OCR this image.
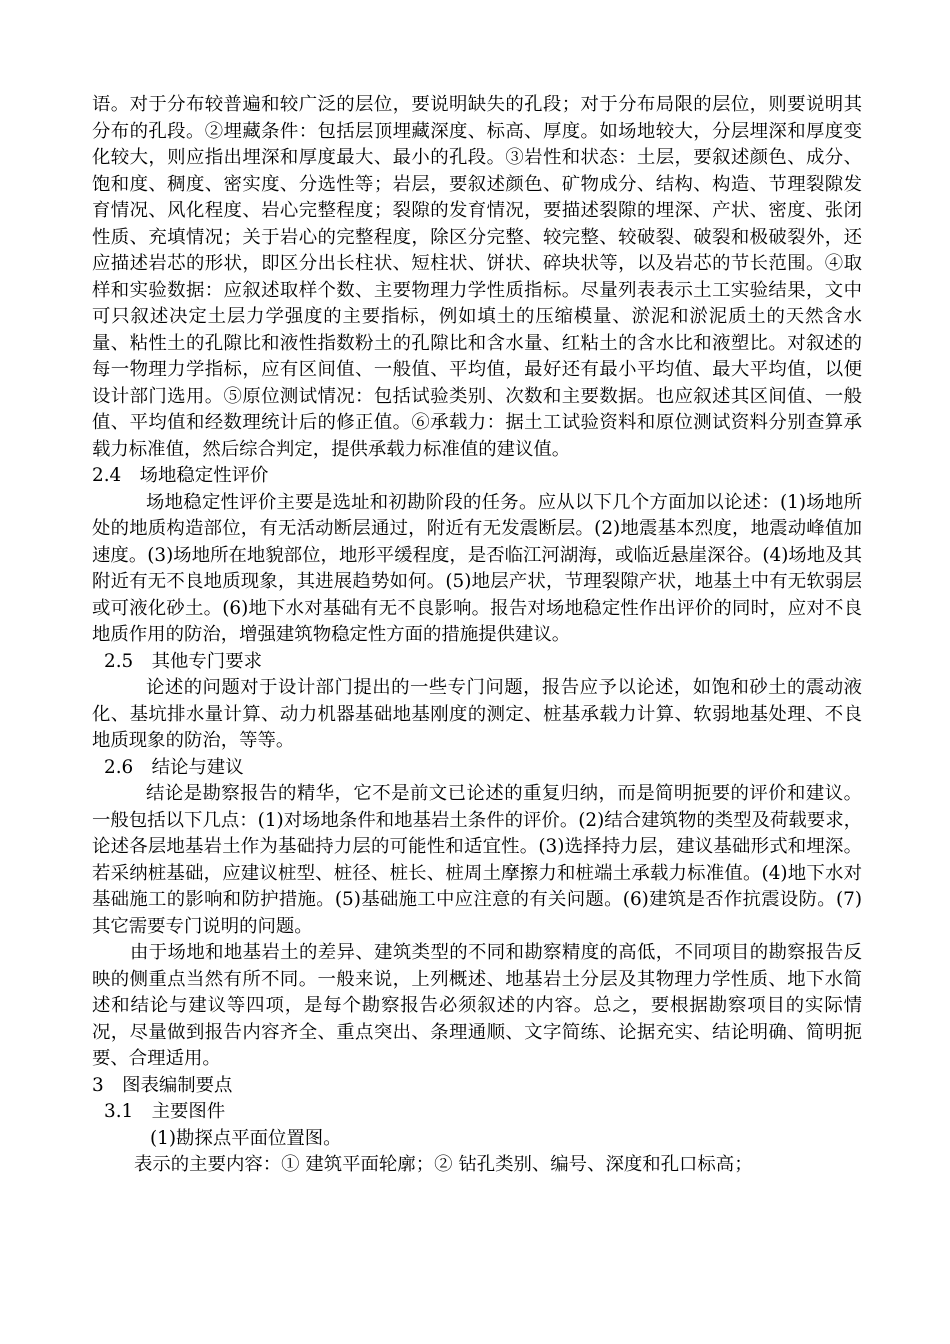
语。对于分布较普遍和较广泛的层位，要说明缺失的孔段；对于分布局限的层位，则要说明其分布的孔段。②埋藏条件：包括层顶埋藏深度、标高、厚度。如场地较大，分层埋深和厚度变化较大，则应指出埋深和厚度最大、最小的孔段。③岩性和状态：土层，要叙述颜色、成分、饱和度、稠度、密实度、分选性等；岩层，要叙述颜色、矿物成分、结构、构造、节理裂隙发育情况、风化程度、岩心完整程度；裂隙的发育情况，要描述裂隙的埋深、产状、密度、张闭性质、充填情况；关于岩心的完整程度，除区分完整、较完整、较破裂、破裂和极破裂外，还应描述岩芯的形状，即区分出长柱状、短柱状、饼状、碎块状等，以及岩芯的节长范围。④取样和实验数据：应叙述取样个数、主要物理力学性质指标。尽量列表表示土工实验结果，文中可只叙述决定土层力学强度的主要指标，例如填土的压缩模量、淤泥和淤泥质土的天然含水量、粘性土的孔隙比和液性指数粉土的孔隙比和含水量、红粘土的含水比和液塑比。对叙述的每一物理力学指标，应有区间值、一般值、平均值，最好还有最小平均值、最大平均值，以便设计部门选用。⑤原位测试情况：包括试验类别、次数和主要数据。也应叙述其区间值、一般值、平均值和经数理统计后的修正值。⑥承载力：据土工试验资料和原位测试资料分别查算承载力标准值，然后综合判定，提供承载力标准值的建议值。

2.4　场地稳定性评价

场地稳定性评价主要是选址和初勘阶段的任务。应从以下几个方面加以论述：(1)场地所处的地质构造部位，有无活动断层通过，附近有无发震断层。(2)地震基本烈度，地震动峰值加速度。(3)场地所在地貌部位，地形平缓程度，是否临江河湖海，或临近悬崖深谷。(4)场地及其附近有无不良地质现象，其进展趋势如何。(5)地层产状，节理裂隙产状，地基土中有无软弱层或可液化砂土。(6)地下水对基础有无不良影响。报告对场地稳定性作出评价的同时，应对不良地质作用的防治，增强建筑物稳定性方面的措施提供建议。

2.5　其他专门要求

论述的问题对于设计部门提出的一些专门问题，报告应予以论述，如饱和砂土的震动液化、基坑排水量计算、动力机器基础地基刚度的测定、桩基承载力计算、软弱地基处理、不良地质现象的防治，等等。

2.6　结论与建议

结论是勘察报告的精华，它不是前文已论述的重复归纳，而是简明扼要的评价和建议。一般包括以下几点：(1)对场地条件和地基岩土条件的评价。(2)结合建筑物的类型及荷载要求，论述各层地基岩土作为基础持力层的可能性和适宜性。(3)选择持力层，建议基础形式和埋深。若采纳桩基础，应建议桩型、桩径、桩长、桩周土摩擦力和桩端土承载力标准值。(4)地下水对基础施工的影响和防护措施。(5)基础施工中应注意的有关问题。(6)建筑是否作抗震设防。(7)其它需要专门说明的问题。

由于场地和地基岩土的差异、建筑类型的不同和勘察精度的高低，不同项目的勘察报告反映的侧重点当然有所不同。一般来说，上列概述、地基岩土分层及其物理力学性质、地下水简述和结论与建议等四项，是每个勘察报告必须叙述的内容。总之，要根据勘察项目的实际情况，尽量做到报告内容齐全、重点突出、条理通顺、文字简练、论据充实、结论明确、简明扼要、合理适用。

3　图表编制要点

3.1　主要图件

(1)勘探点平面位置图。

表示的主要内容：① 建筑平面轮廓；② 钻孔类别、编号、深度和孔口标高；
